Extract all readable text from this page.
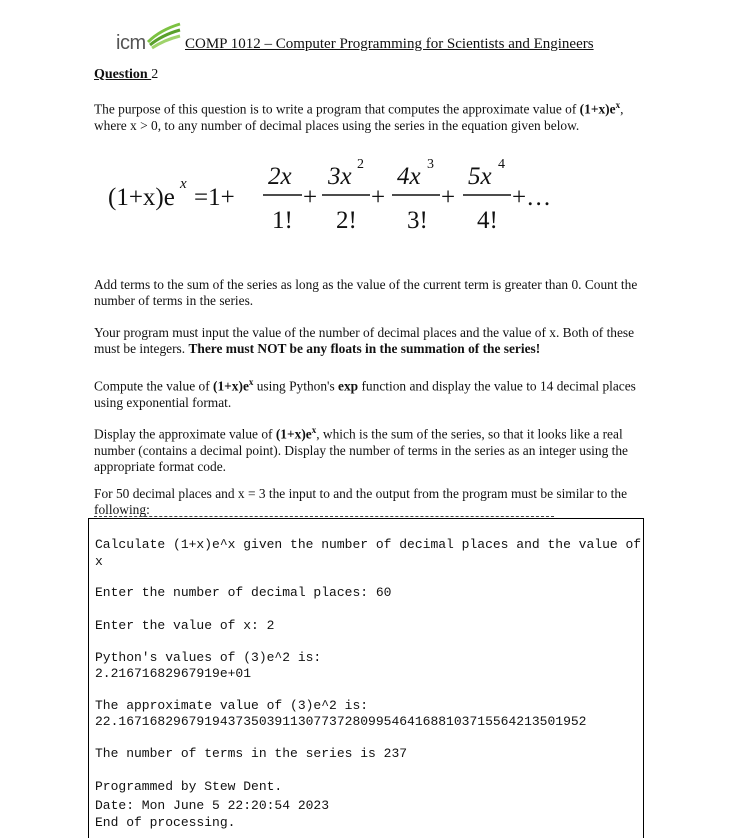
icm	COMP 1012 – Computer Programming for Scientists and Engineers
Question 2
The purpose of this question is to write a program that computes the approximate value of $(1+x)e^x$, where x > 0, to any number of decimal places using the series in the equation given below.
(1+x)e x =1+
2x
1!
+
3x 2
2!
+
4x 3
3!
+
5x 4
4!
+…
Add terms to the sum of the series as long as the value of the current term is greater than 0. Count the number of terms in the series.
Your program must input the value of the number of decimal places and the value of x. Both of these must be integers. There must NOT be any floats in the summation of the series!
Compute the value of $(1+x)e^x$ using Python's exp function and display the value to 14 decimal places using exponential format.
Display the approximate value of $(1+x)e^x$, which is the sum of the series, so that it looks like a real number (contains a decimal point). Display the number of terms in the series as an integer using the appropriate format code.
For 50 decimal places and x = 3 the input to and the output from the program must be similar to the following:
Calculate (1+x)e^x given the number of decimal places and the value of
x
Enter the number of decimal places: 60
Enter the value of x: 2
Python's values of (3)e^2 is:
2.21671682967919e+01
The approximate value of (3)e^2 is:
22.167168296791943735039113077372809954641688103715564213501952
The number of terms in the series is 237
Programmed by Stew Dent.
Date: Mon June 5 22:20:54 2023
End of processing.
